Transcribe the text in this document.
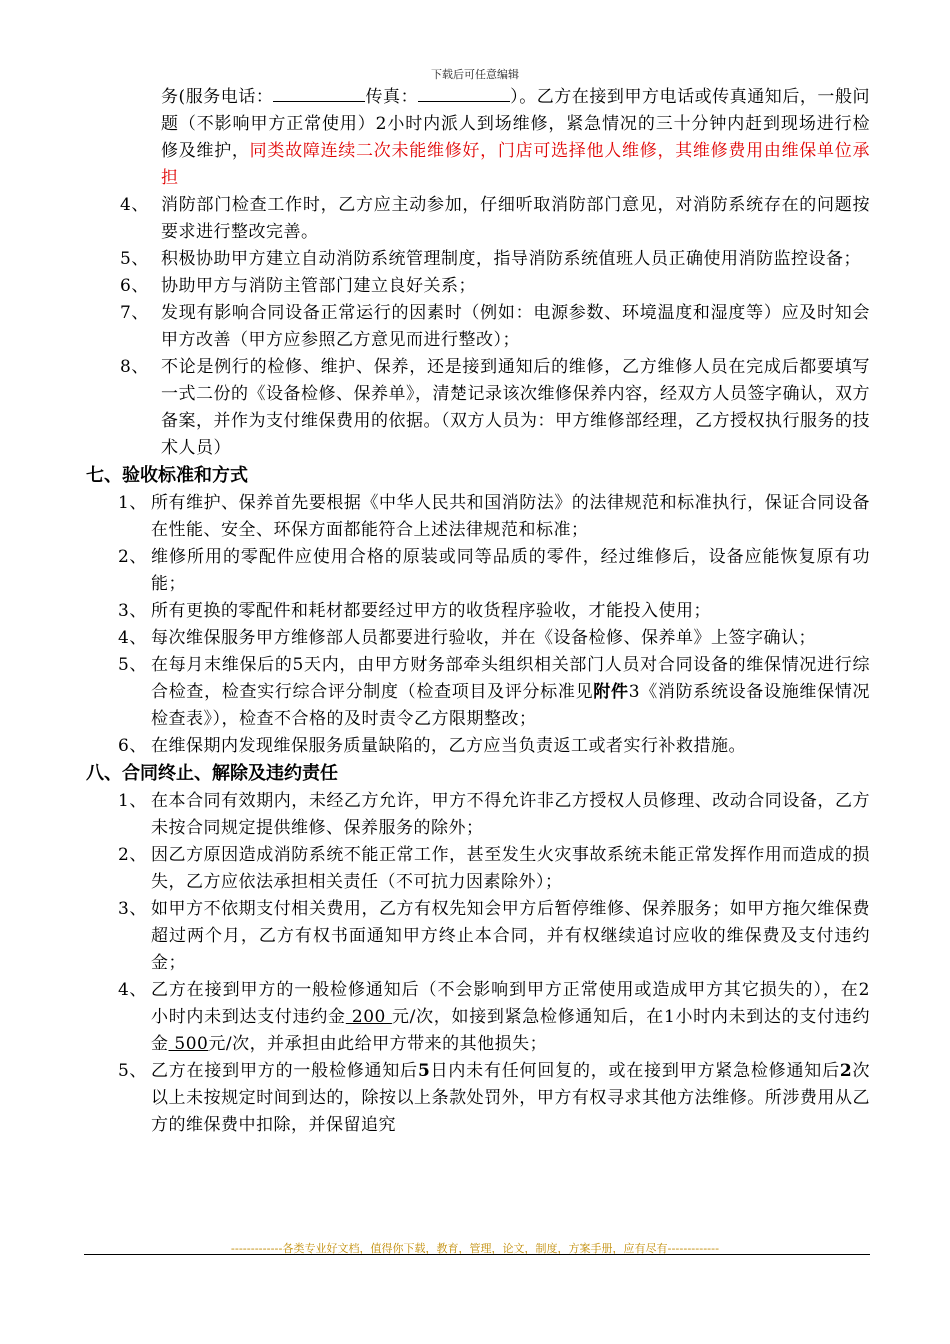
下载后可任意编辑
务(服务电话：	传真：	）。乙方在接到甲方电话或传真通知后，一般问题（不影响甲方正常使用）2小时内派人到场维修，紧急情况的三十分钟内赶到现场进行检修及维护，同类故障连续二次未能维修好，门店可选择他人维修，其维修费用由维保单位承担
4、 消防部门检查工作时，乙方应主动参加，仔细听取消防部门意见，对消防系统存在的问题按要求进行整改完善。
5、 积极协助甲方建立自动消防系统管理制度，指导消防系统值班人员正确使用消防监控设备；
6、 协助甲方与消防主管部门建立良好关系；
7、 发现有影响合同设备正常运行的因素时（例如：电源参数、环境温度和湿度等）应及时知会甲方改善（甲方应参照乙方意见而进行整改）；
8、 不论是例行的检修、维护、保养，还是接到通知后的维修，乙方维修人员在完成后都要填写一式二份的《设备检修、保养单》，清楚记录该次维修保养内容，经双方人员签字确认，双方备案，并作为支付维保费用的依据。（双方人员为：甲方维修部经理，乙方授权执行服务的技术人员）
七、验收标准和方式
1、 所有维护、保养首先要根据《中华人民共和国消防法》的法律规范和标准执行，保证合同设备在性能、安全、环保方面都能符合上述法律规范和标准；
2、 维修所用的零配件应使用合格的原装或同等品质的零件，经过维修后，设备应能恢复原有功能；
3、 所有更换的零配件和耗材都要经过甲方的收货程序验收，才能投入使用；
4、 每次维保服务甲方维修部人员都要进行验收，并在《设备检修、保养单》上签字确认；
5、 在每月末维保后的5天内，由甲方财务部牵头组织相关部门人员对合同设备的维保情况进行综合检查，检查实行综合评分制度（检查项目及评分标准见附件3《消防系统设备设施维保情况检查表》），检查不合格的及时责令乙方限期整改；
6、 在维保期内发现维保服务质量缺陷的，乙方应当负责返工或者实行补救措施。
八、合同终止、解除及违约责任
1、 在本合同有效期内，未经乙方允许，甲方不得允许非乙方授权人员修理、改动合同设备，乙方未按合同规定提供维修、保养服务的除外；
2、 因乙方原因造成消防系统不能正常工作，甚至发生火灾事故系统未能正常发挥作用而造成的损失，乙方应依法承担相关责任（不可抗力因素除外）；
3、 如甲方不依期支付相关费用，乙方有权先知会甲方后暂停维修、保养服务；如甲方拖欠维保费超过两个月，乙方有权书面通知甲方终止本合同，并有权继续追讨应收的维保费及支付违约金；
4、 乙方在接到甲方的一般检修通知后（不会影响到甲方正常使用或造成甲方其它损失的），在2小时内未到达支付违约金 200 元/次，如接到紧急检修通知后，在1小时内未到达的支付违约金 500元/次，并承担由此给甲方带来的其他损失；
5、 乙方在接到甲方的一般检修通知后5日内未有任何回复的，或在接到甲方紧急检修通知后2次以上未按规定时间到达的，除按以上条款处罚外，甲方有权寻求其他方法维修。所涉费用从乙方的维保费中扣除，并保留追究
-------------各类专业好文档，值得你下载，教育，管理，论文，制度，方案手册，应有尽有-------------
